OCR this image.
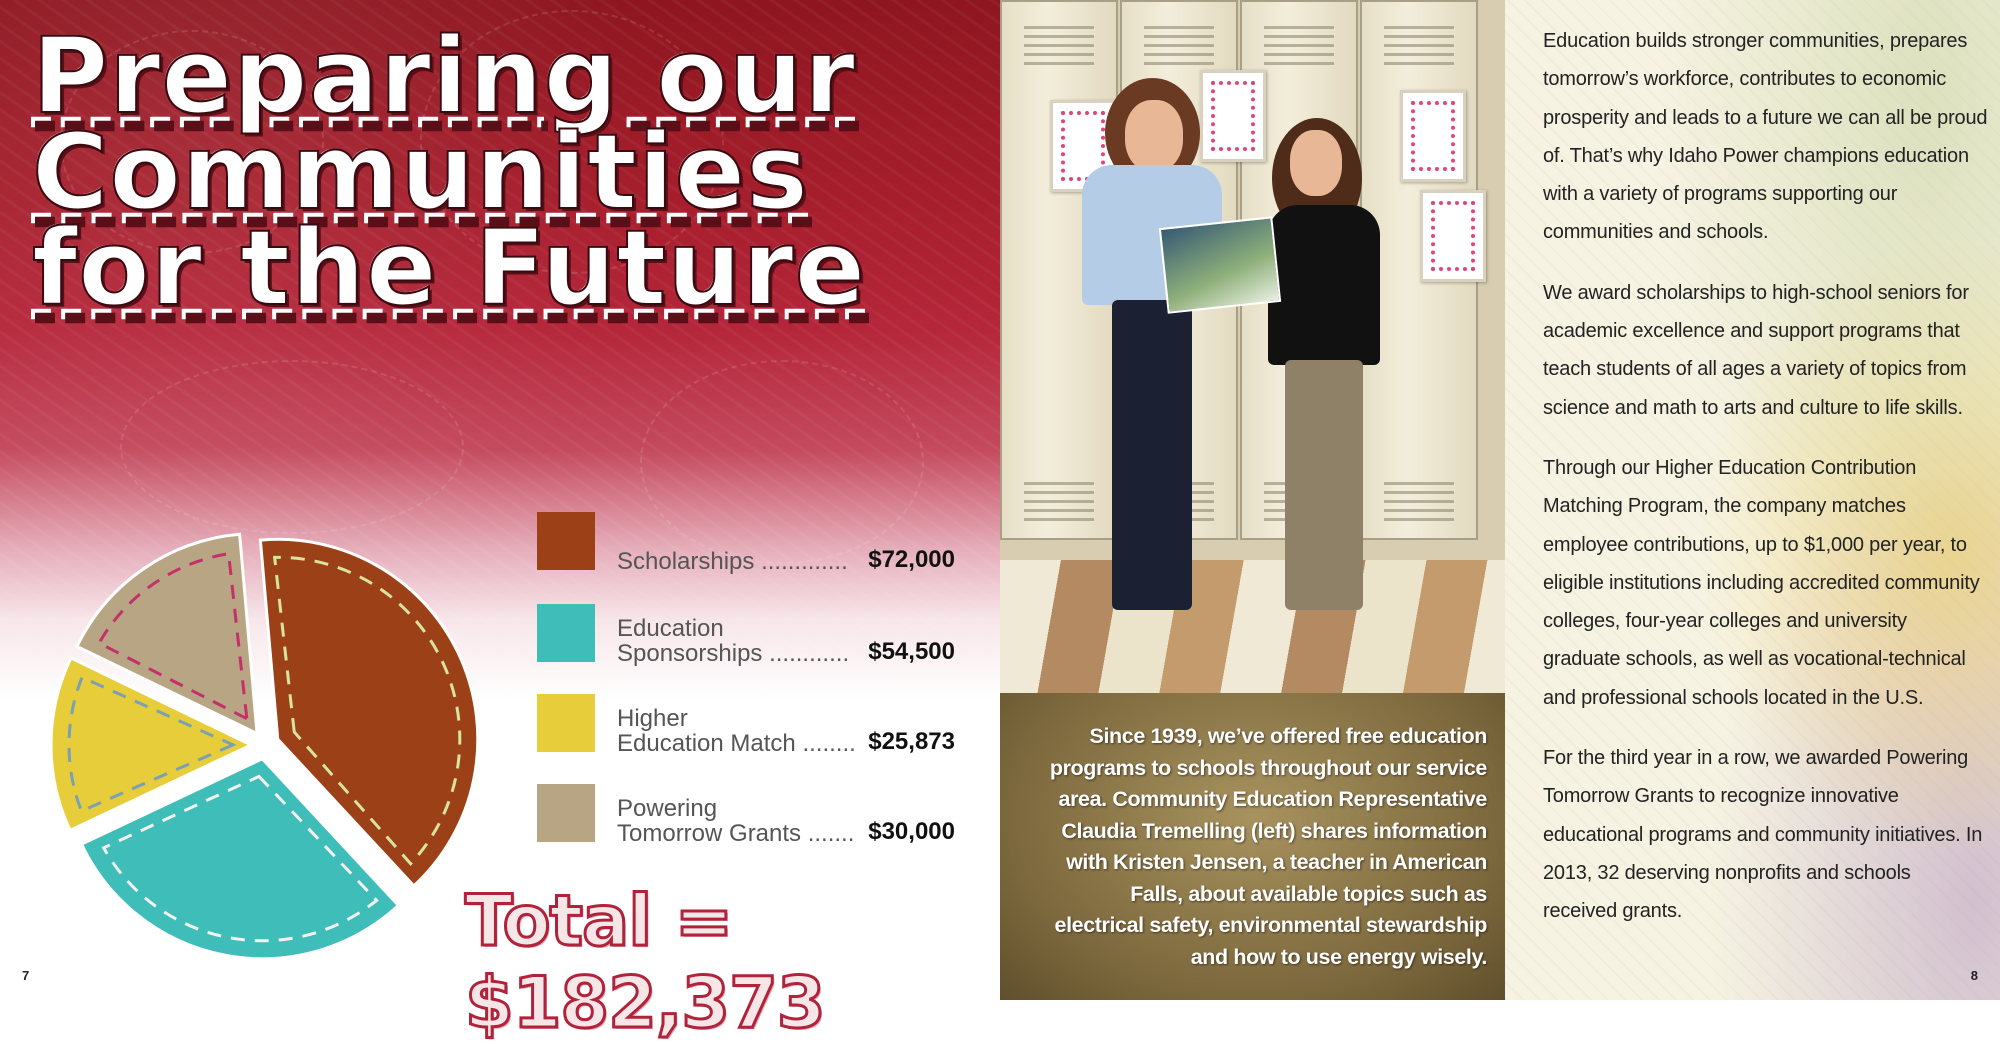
Preparing our Communities for the Future
Scholarships ............. $72,000
Education
Sponsorships ............ $54,500
Higher
Education Match ........ $25,873
Powering
Tomorrow Grants ....... $30,000
Total = $182,373
7

Since 1939, we’ve offered free education programs to schools throughout our service area. Community Education Representative Claudia Tremelling (left) shares information with Kristen Jensen, a teacher in American Falls, about available topics such as electrical safety, environmental stewardship and how to use energy wisely.

Education builds stronger communities, prepares tomorrow’s workforce, contributes to economic prosperity and leads to a future we can all be proud of. That’s why Idaho Power champions education with a variety of programs supporting our communities and schools.

We award scholarships to high-school seniors for academic excellence and support programs that teach students of all ages a variety of topics from science and math to arts and culture to life skills.

Through our Higher Education Contribution Matching Program, the company matches employee contributions, up to $1,000 per year, to eligible institutions including accredited community colleges, four-year colleges and university graduate schools, as well as vocational-technical and professional schools located in the U.S.

For the third year in a row, we awarded Powering Tomorrow Grants to recognize innovative educational programs and community initiatives. In 2013, 32 deserving nonprofits and schools received grants.

8
